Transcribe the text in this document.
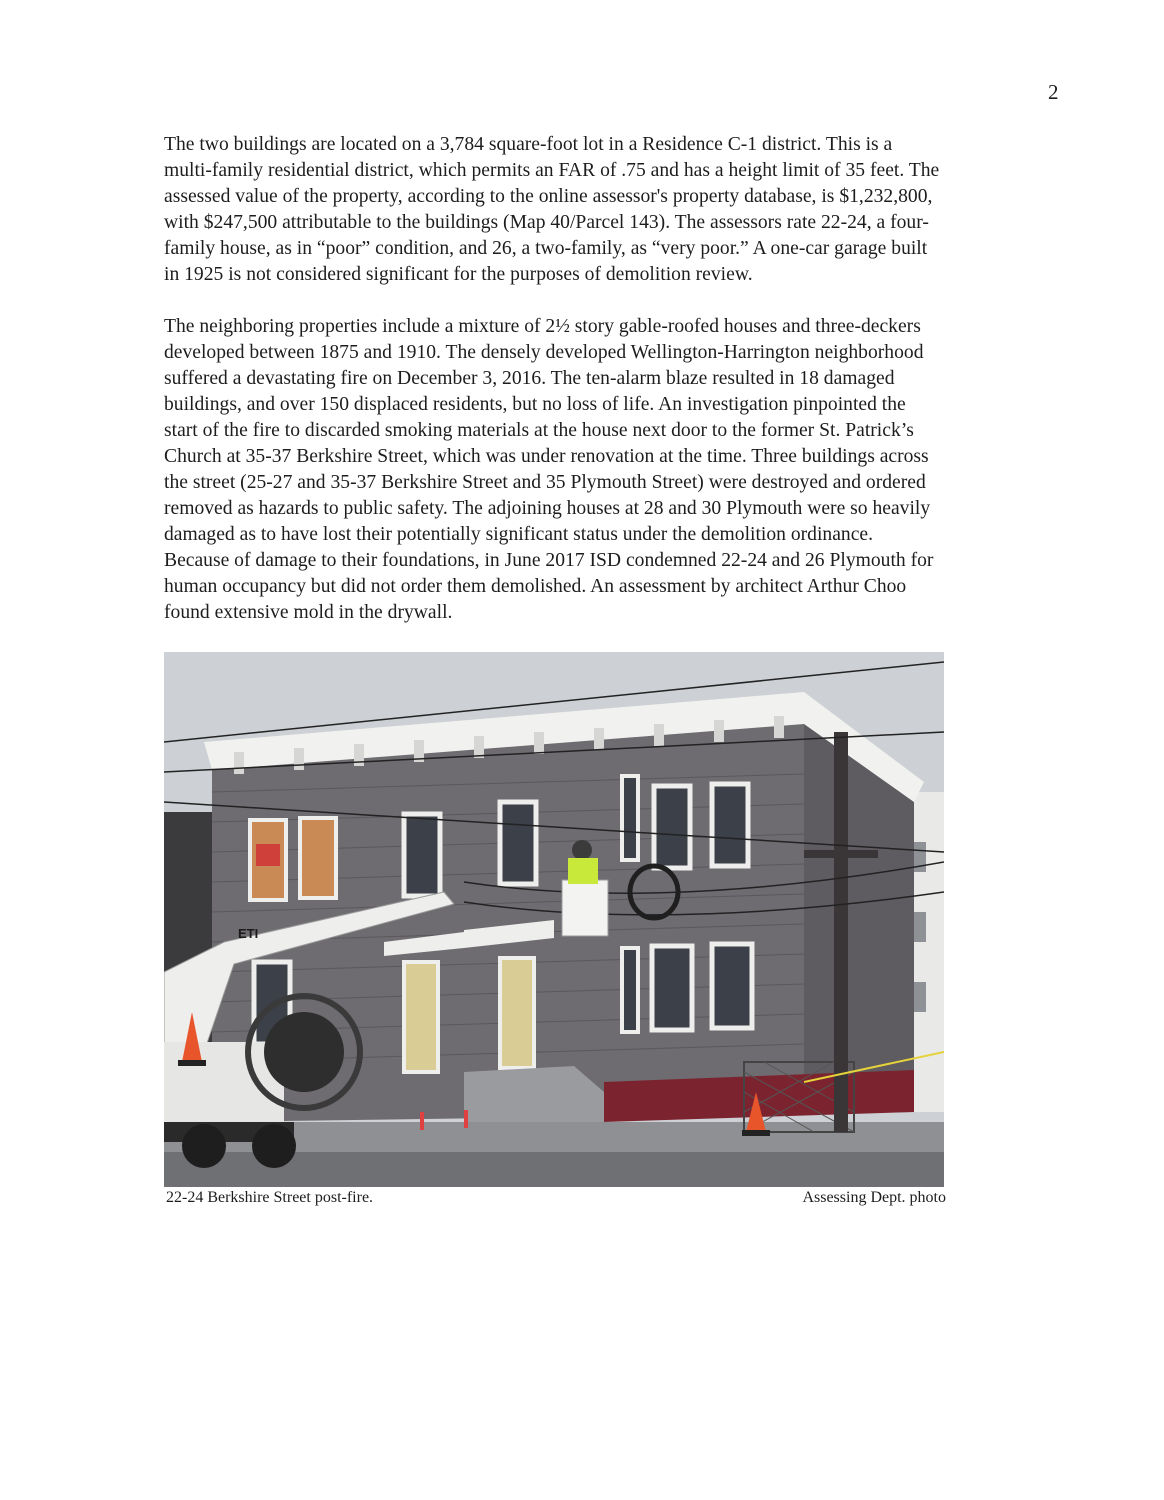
2

The two buildings are located on a 3,784 square-foot lot in a Residence C-1 district. This is a
multi-family residential district, which permits an FAR of .75 and has a height limit of 35 feet. The
assessed value of the property, according to the online assessor's property database, is $1,232,800,
with $247,500 attributable to the buildings (Map 40/Parcel 143). The assessors rate 22-24, a four-
family house, as in “poor” condition, and 26, a two-family, as “very poor.” A one-car garage built
in 1925 is not considered significant for the purposes of demolition review.

The neighboring properties include a mixture of 2½ story gable-roofed houses and three-deckers
developed between 1875 and 1910. The densely developed Wellington-Harrington neighborhood
suffered a devastating fire on December 3, 2016. The ten-alarm blaze resulted in 18 damaged
buildings, and over 150 displaced residents, but no loss of life. An investigation pinpointed the
start of the fire to discarded smoking materials at the house next door to the former St. Patrick’s
Church at 35-37 Berkshire Street, which was under renovation at the time. Three buildings across
the street (25-27 and 35-37 Berkshire Street and 35 Plymouth Street) were destroyed and ordered
removed as hazards to public safety. The adjoining houses at 28 and 30 Plymouth were so heavily
damaged as to have lost their potentially significant status under the demolition ordinance.
Because of damage to their foundations, in June 2017 ISD condemned 22-24 and 26 Plymouth for
human occupancy but did not order them demolished. An assessment by architect Arthur Choo
found extensive mold in the drywall.

ETI
22-24 Berkshire Street post-fire.	Assessing Dept. photo
